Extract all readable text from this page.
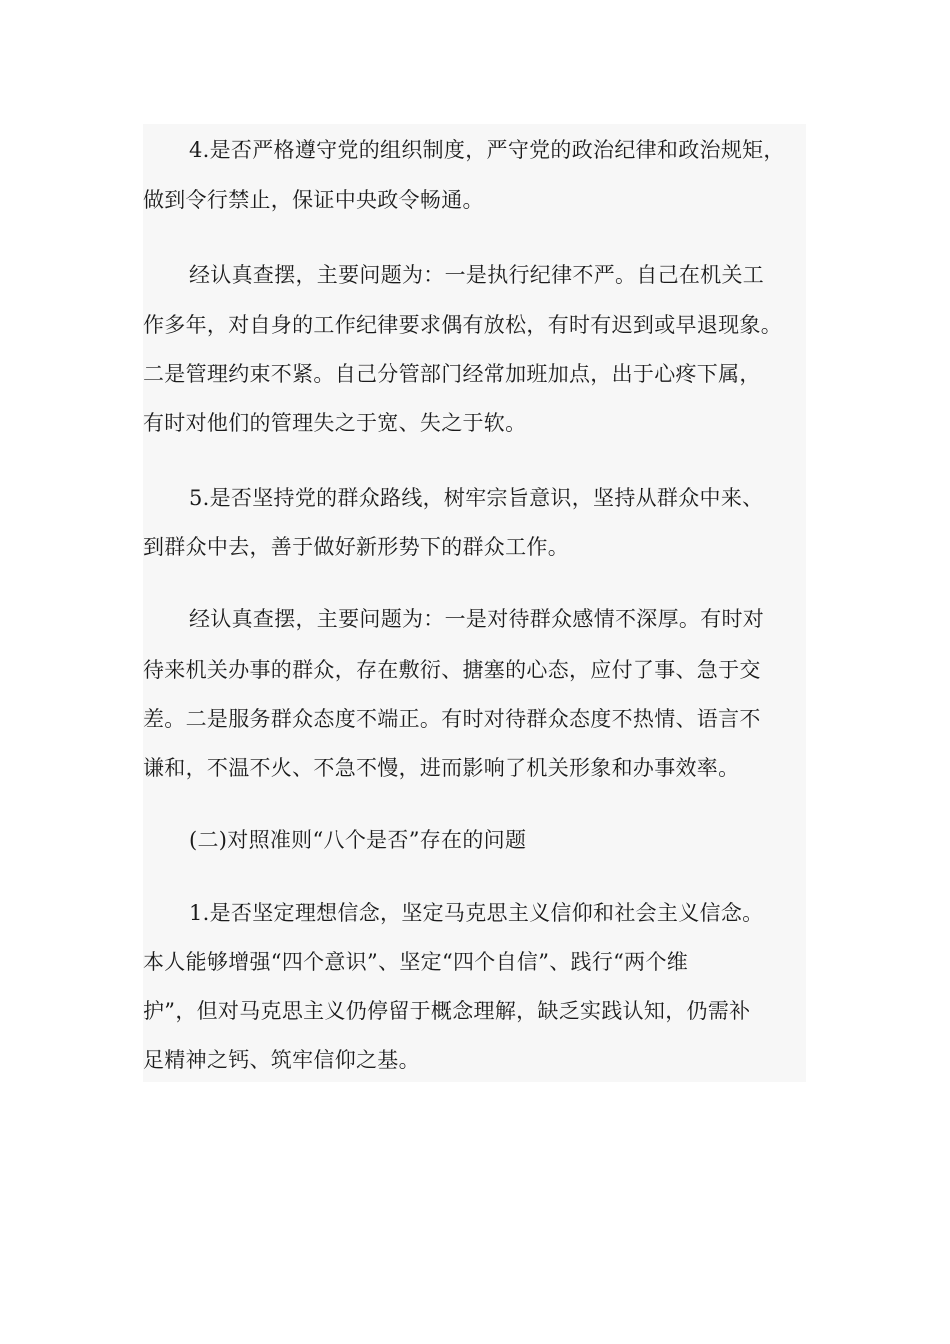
4.是否严格遵守党的组织制度，严守党的政治纪律和政治规矩，
做到令行禁止，保证中央政令畅通。
经认真查摆，主要问题为：一是执行纪律不严。自己在机关工
作多年，对自身的工作纪律要求偶有放松，有时有迟到或早退现象。
二是管理约束不紧。自己分管部门经常加班加点，出于心疼下属，
有时对他们的管理失之于宽、失之于软。
5.是否坚持党的群众路线，树牢宗旨意识，坚持从群众中来、
到群众中去，善于做好新形势下的群众工作。
经认真查摆，主要问题为：一是对待群众感情不深厚。有时对
待来机关办事的群众，存在敷衍、搪塞的心态，应付了事、急于交
差。二是服务群众态度不端正。有时对待群众态度不热情、语言不
谦和，不温不火、不急不慢，进而影响了机关形象和办事效率。
(二)对照准则“八个是否”存在的问题
1.是否坚定理想信念，坚定马克思主义信仰和社会主义信念。
本人能够增强“四个意识”、坚定“四个自信”、践行“两个维
护”，但对马克思主义仍停留于概念理解，缺乏实践认知，仍需补
足精神之钙、筑牢信仰之基。
